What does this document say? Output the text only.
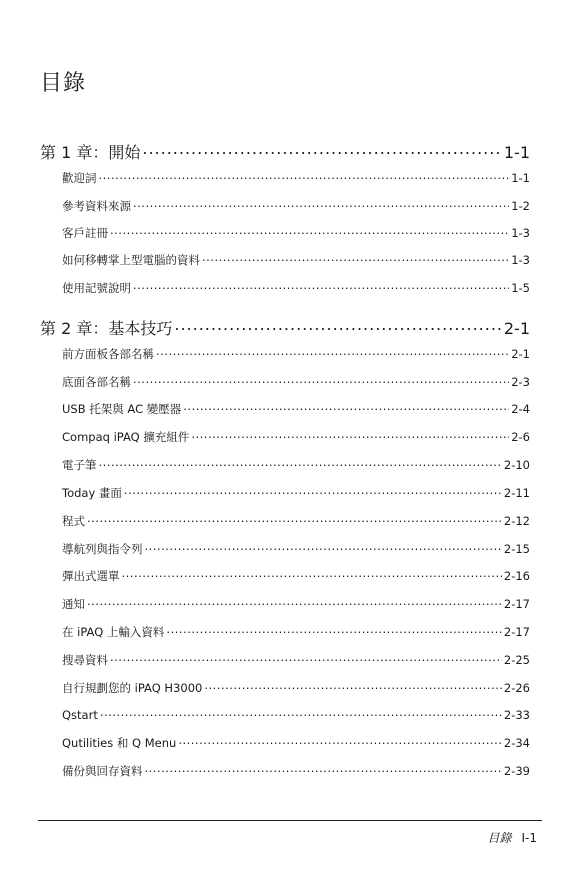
目錄
第 1 章：開始 .....	1-1
歡迎詞 .....	1-1
參考資料來源 .....	1-2
客戶註冊 .....	1-3
如何移轉掌上型電腦的資料 .....	1-3
使用記號說明 .....	1-5
第 2 章：基本技巧 .....	2-1
前方面板各部名稱 .....	2-1
底面各部名稱 .....	2-3
USB 托架與 AC 變壓器 .....	2-4
Compaq iPAQ 擴充組件 .....	2-6
電子筆 .....	2-10
Today 畫面 .....	2-11
程式 .....	2-12
導航列與指令列 .....	2-15
彈出式選單 .....	2-16
通知 .....	2-17
在 iPAQ 上輸入資料 .....	2-17
搜尋資料 .....	2-25
自行規劃您的 iPAQ H3000 .....	2-26
Qstart .....	2-33
Qutilities 和 Q Menu .....	2-34
備份與回存資料 .....	2-39
目錄 I-1
